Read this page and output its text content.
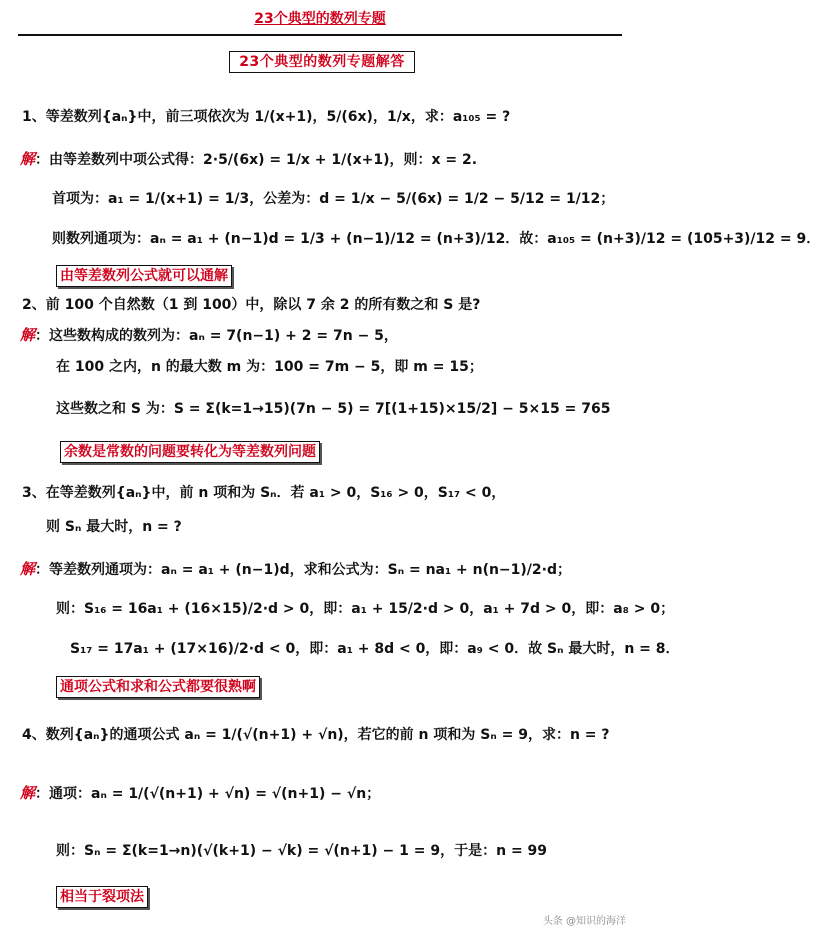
23个典型的数列专题
23个典型的数列专题解答
1、等差数列{aₙ}中，前三项依次为 1/(x+1)，5/(6x)，1/x，求：a₁₀₅ = ?
解：由等差数列中项公式得：2·5/(6x) = 1/x + 1/(x+1)，则：x = 2.
首项为：a₁ = 1/(x+1) = 1/3，公差为：d = 1/x − 5/(6x) = 1/2 − 5/12 = 1/12；
则数列通项为：aₙ = a₁ + (n−1)d = 1/3 + (n−1)/12 = (n+3)/12．故：a₁₀₅ = (n+3)/12 = (105+3)/12 = 9．
由等差数列公式就可以通解
2、前 100 个自然数（1 到 100）中，除以 7 余 2 的所有数之和 S 是?
解：这些数构成的数列为：aₙ = 7(n−1) + 2 = 7n − 5，
在 100 之内，n 的最大数 m 为：100 = 7m − 5，即 m = 15；
这些数之和 S 为：S = Σ(k=1→15)(7n − 5) = 7[(1+15)×15/2] − 5×15 = 765
余数是常数的问题要转化为等差数列问题
3、在等差数列{aₙ}中，前 n 项和为 Sₙ．若 a₁ > 0，S₁₆ > 0，S₁₇ < 0，
则 Sₙ 最大时，n = ?
解：等差数列通项为：aₙ = a₁ + (n−1)d，求和公式为：Sₙ = na₁ + n(n−1)/2·d；
则：S₁₆ = 16a₁ + (16×15)/2·d > 0，即：a₁ + 15/2·d > 0，a₁ + 7d > 0，即：a₈ > 0；
S₁₇ = 17a₁ + (17×16)/2·d < 0，即：a₁ + 8d < 0，即：a₉ < 0．故 Sₙ 最大时，n = 8．
通项公式和求和公式都要很熟啊
4、数列{aₙ}的通项公式 aₙ = 1/(√(n+1) + √n)，若它的前 n 项和为 Sₙ = 9，求：n = ?
解：通项：aₙ = 1/(√(n+1) + √n) = √(n+1) − √n；
则：Sₙ = Σ(k=1→n)(√(k+1) − √k) = √(n+1) − 1 = 9，于是：n = 99
相当于裂项法
头条 @知识的海洋
